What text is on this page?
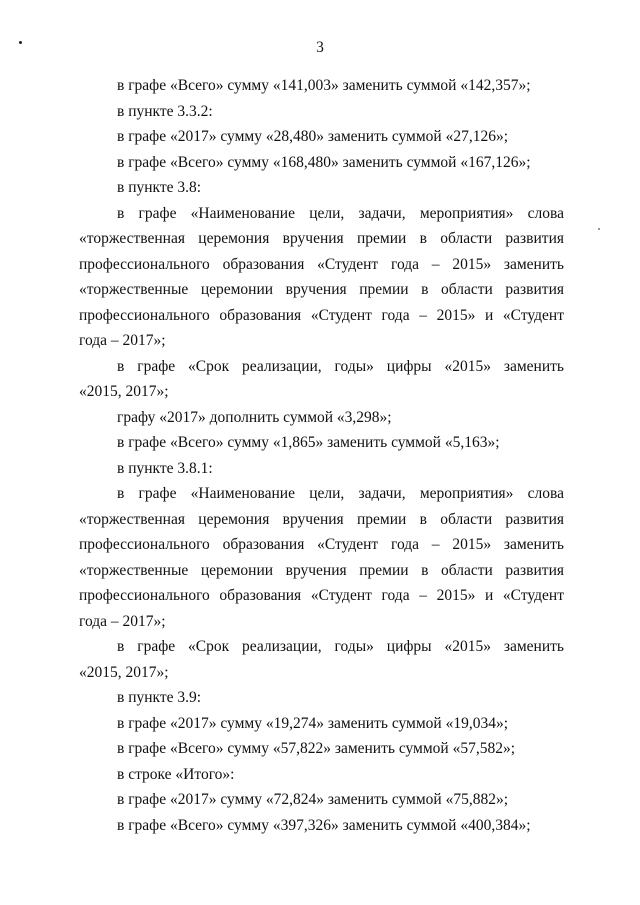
3
в графе «Всего» сумму «141,003» заменить суммой «142,357»;
в пункте 3.3.2:
в графе «2017» сумму «28,480» заменить суммой «27,126»;
в графе «Всего» сумму «168,480» заменить суммой «167,126»;
в пункте 3.8:
в графе «Наименование цели, задачи, мероприятия» слова
«торжественная церемония вручения премии в области развития
профессионального образования «Студент года – 2015» заменить
«торжественные церемонии вручения премии в области развития
профессионального образования «Студент года – 2015» и «Студент
года – 2017»;
в графе «Срок реализации, годы» цифры «2015» заменить
«2015, 2017»;
графу «2017» дополнить суммой «3,298»;
в графе «Всего» сумму «1,865» заменить суммой «5,163»;
в пункте 3.8.1:
в графе «Наименование цели, задачи, мероприятия» слова
«торжественная церемония вручения премии в области развития
профессионального образования «Студент года – 2015» заменить
«торжественные церемонии вручения премии в области развития
профессионального образования «Студент года – 2015» и «Студент
года – 2017»;
в графе «Срок реализации, годы» цифры «2015» заменить
«2015, 2017»;
в пункте 3.9:
в графе «2017» сумму «19,274» заменить суммой «19,034»;
в графе «Всего» сумму «57,822» заменить суммой «57,582»;
в строке «Итого»:
в графе «2017» сумму «72,824» заменить суммой «75,882»;
в графе «Всего» сумму «397,326» заменить суммой «400,384»;
